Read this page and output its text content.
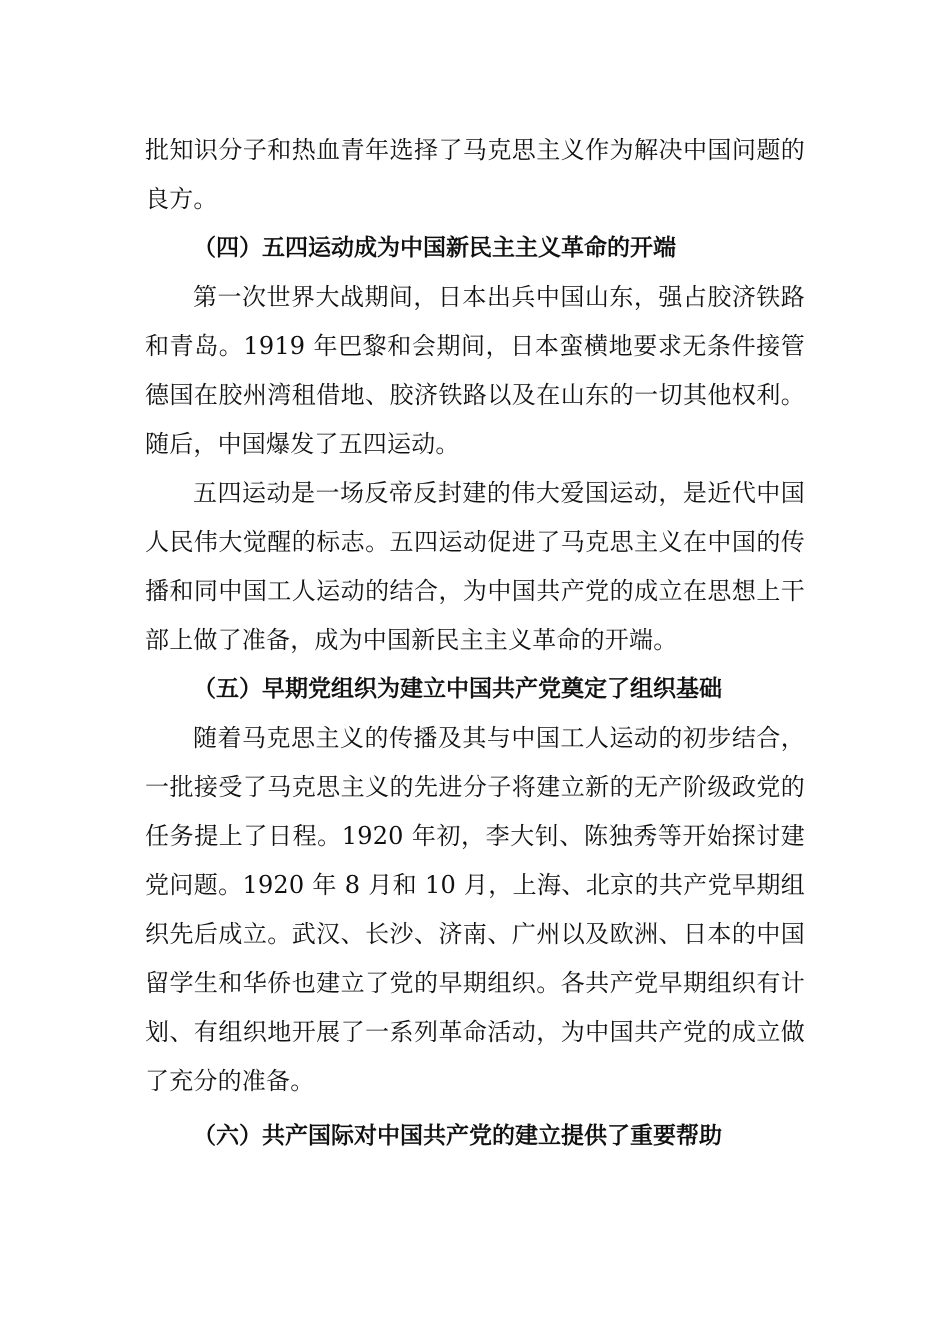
批知识分子和热血青年选择了马克思主义作为解决中国问题的良方。

（四）五四运动成为中国新民主主义革命的开端

第一次世界大战期间，日本出兵中国山东，强占胶济铁路和青岛。1919 年巴黎和会期间，日本蛮横地要求无条件接管德国在胶州湾租借地、胶济铁路以及在山东的一切其他权利。随后，中国爆发了五四运动。

五四运动是一场反帝反封建的伟大爱国运动，是近代中国人民伟大觉醒的标志。五四运动促进了马克思主义在中国的传播和同中国工人运动的结合，为中国共产党的成立在思想上干部上做了准备，成为中国新民主主义革命的开端。

（五）早期党组织为建立中国共产党奠定了组织基础

随着马克思主义的传播及其与中国工人运动的初步结合，一批接受了马克思主义的先进分子将建立新的无产阶级政党的任务提上了日程。1920 年初，李大钊、陈独秀等开始探讨建党问题。1920 年 8 月和 10 月，上海、北京的共产党早期组织先后成立。武汉、长沙、济南、广州以及欧洲、日本的中国留学生和华侨也建立了党的早期组织。各共产党早期组织有计划、有组织地开展了一系列革命活动，为中国共产党的成立做了充分的准备。

（六）共产国际对中国共产党的建立提供了重要帮助
